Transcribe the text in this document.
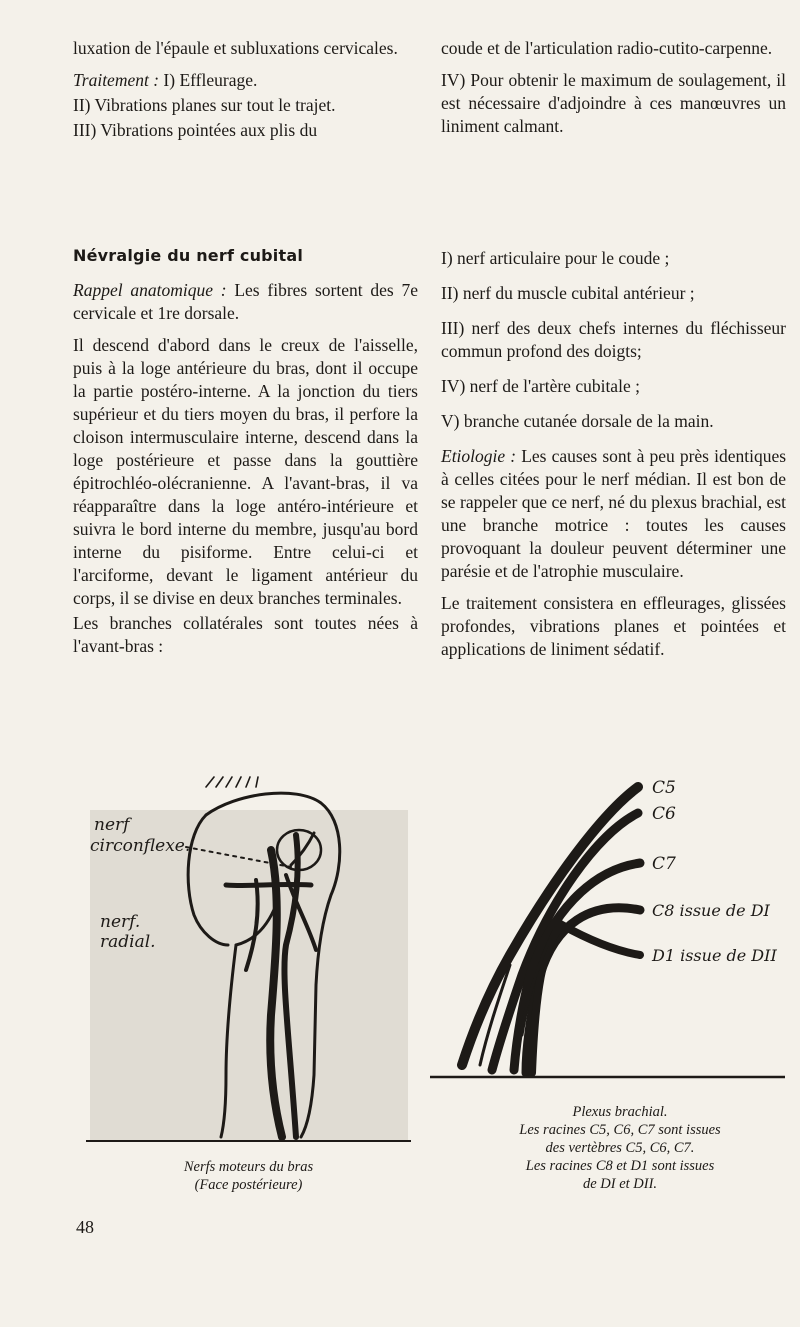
luxation de l'épaule et subluxations cervicales.

Traitement : I) Effleurage.

II) Vibrations planes sur tout le trajet.

III) Vibrations pointées aux plis du

coude et de l'articulation radio-cutito-carpenne.

IV) Pour obtenir le maximum de soulagement, il est nécessaire d'adjoindre à ces manœuvres un liniment calmant.

Névralgie du nerf cubital

Rappel anatomique : Les fibres sortent des 7e cervicale et 1re dorsale.

Il descend d'abord dans le creux de l'aisselle, puis à la loge antérieure du bras, dont il occupe la partie postéro-interne. A la jonction du tiers supérieur et du tiers moyen du bras, il perfore la cloison intermusculaire interne, descend dans la loge postérieure et passe dans la gouttière épitrochléo-olécranienne. A l'avant-bras, il va réapparaître dans la loge antéro-intérieure et suivra le bord interne du membre, jusqu'au bord interne du pisiforme. Entre celui-ci et l'arciforme, devant le ligament antérieur du corps, il se divise en deux branches terminales.

Les branches collatérales sont toutes nées à l'avant-bras :

I) nerf articulaire pour le coude ;

II) nerf du muscle cubital antérieur ;

III) nerf des deux chefs internes du fléchisseur commun profond des doigts;

IV) nerf de l'artère cubitale ;

V) branche cutanée dorsale de la main.

Etiologie : Les causes sont à peu près identiques à celles citées pour le nerf médian. Il est bon de se rappeler que ce nerf, né du plexus brachial, est une branche motrice : toutes les causes provoquant la douleur peuvent déterminer une parésie et de l'atrophie musculaire.

Le traitement consistera en effleurages, glissées profondes, vibrations planes et pointées et applications de liniment sédatif.

nerf
circonflexe.
nerf.
radial.
Nerfs moteurs du bras
(Face postérieure)
C5
C6
C7
C8 issue de DI
D1 issue de DII
Plexus brachial.
Les racines C5, C6, C7 sont issues
des vertèbres C5, C6, C7.
Les racines C8 et D1 sont issues
de DI et DII.
48
